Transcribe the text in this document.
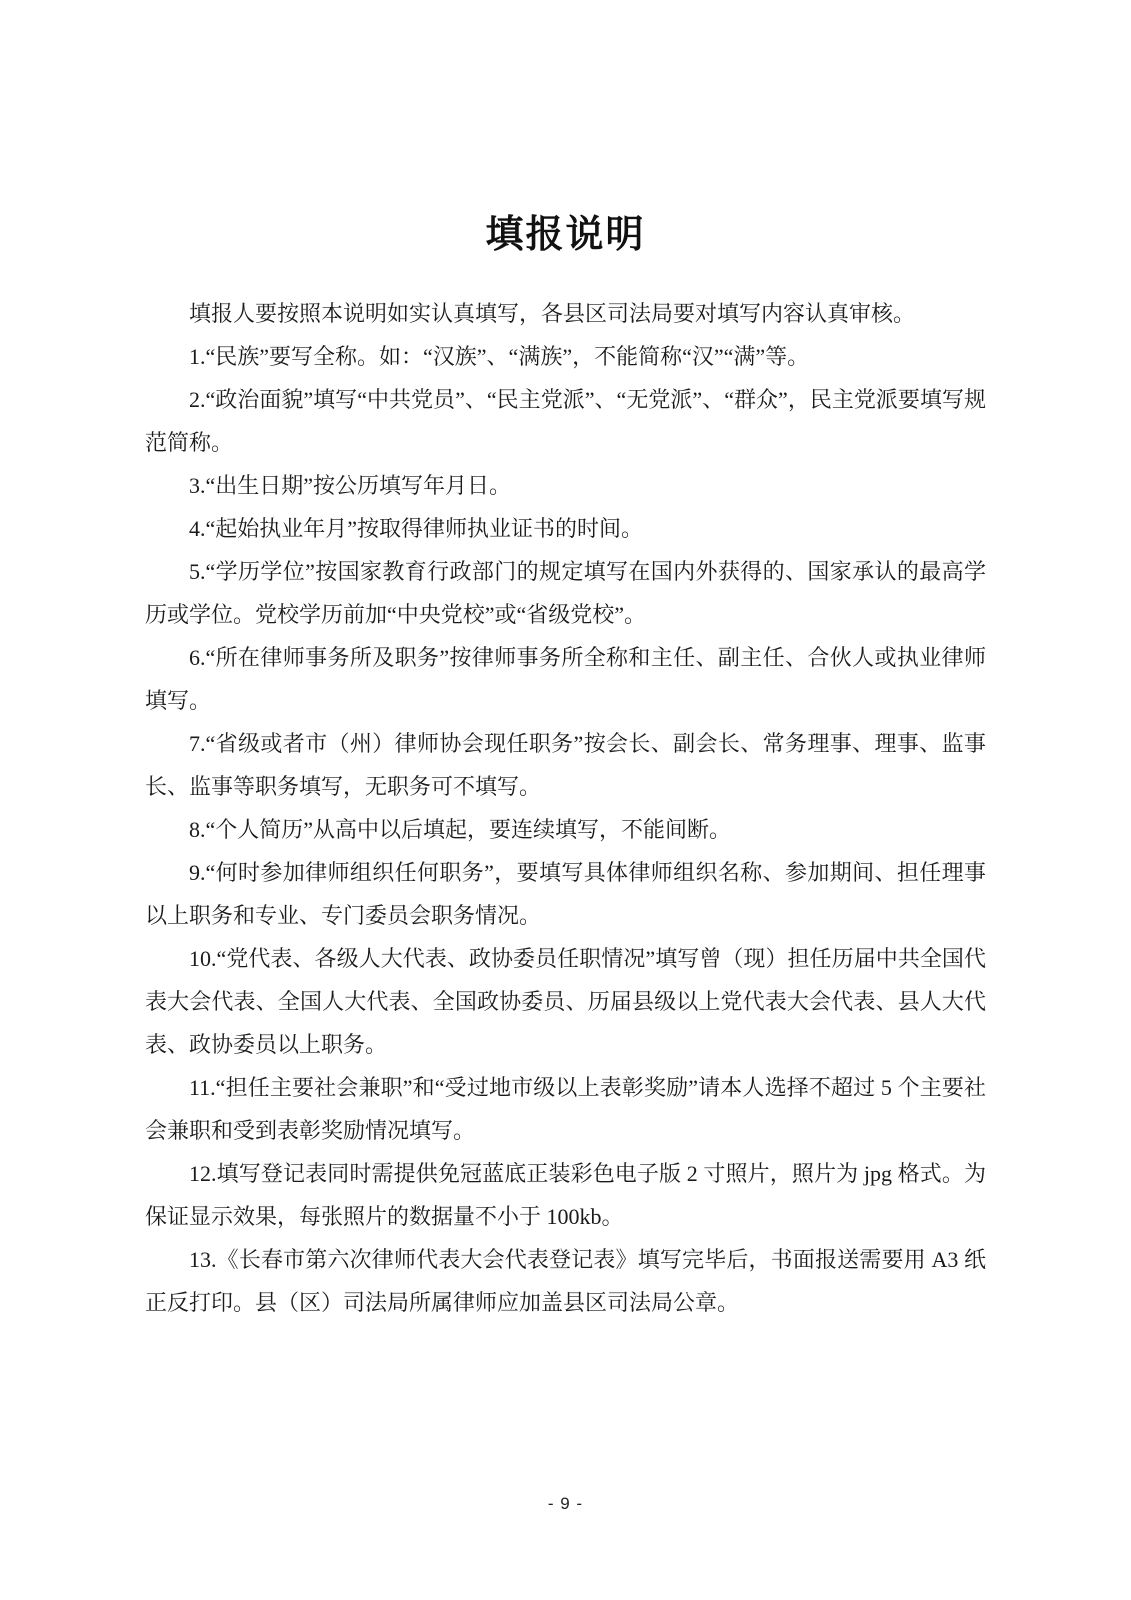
填报说明

填报人要按照本说明如实认真填写，各县区司法局要对填写内容认真审核。

1.“民族”要写全称。如：“汉族”、“满族”，不能简称“汉”“满”等。

2.“政治面貌”填写“中共党员”、“民主党派”、“无党派”、“群众”，民主党派要填写规范简称。

3.“出生日期”按公历填写年月日。

4.“起始执业年月”按取得律师执业证书的时间。

5.“学历学位”按国家教育行政部门的规定填写在国内外获得的、国家承认的最高学历或学位。党校学历前加“中央党校”或“省级党校”。

6.“所在律师事务所及职务”按律师事务所全称和主任、副主任、合伙人或执业律师填写。

7.“省级或者市（州）律师协会现任职务”按会长、副会长、常务理事、理事、监事长、监事等职务填写，无职务可不填写。

8.“个人简历”从高中以后填起，要连续填写，不能间断。

9.“何时参加律师组织任何职务”，要填写具体律师组织名称、参加期间、担任理事以上职务和专业、专门委员会职务情况。

10.“党代表、各级人大代表、政协委员任职情况”填写曾（现）担任历届中共全国代表大会代表、全国人大代表、全国政协委员、历届县级以上党代表大会代表、县人大代表、政协委员以上职务。

11.“担任主要社会兼职”和“受过地市级以上表彰奖励”请本人选择不超过 5 个主要社会兼职和受到表彰奖励情况填写。

12.填写登记表同时需提供免冠蓝底正装彩色电子版 2 寸照片，照片为 jpg 格式。为保证显示效果，每张照片的数据量不小于 100kb。

13.《长春市第六次律师代表大会代表登记表》填写完毕后，书面报送需要用 A3 纸正反打印。县（区）司法局所属律师应加盖县区司法局公章。

- 9 -
